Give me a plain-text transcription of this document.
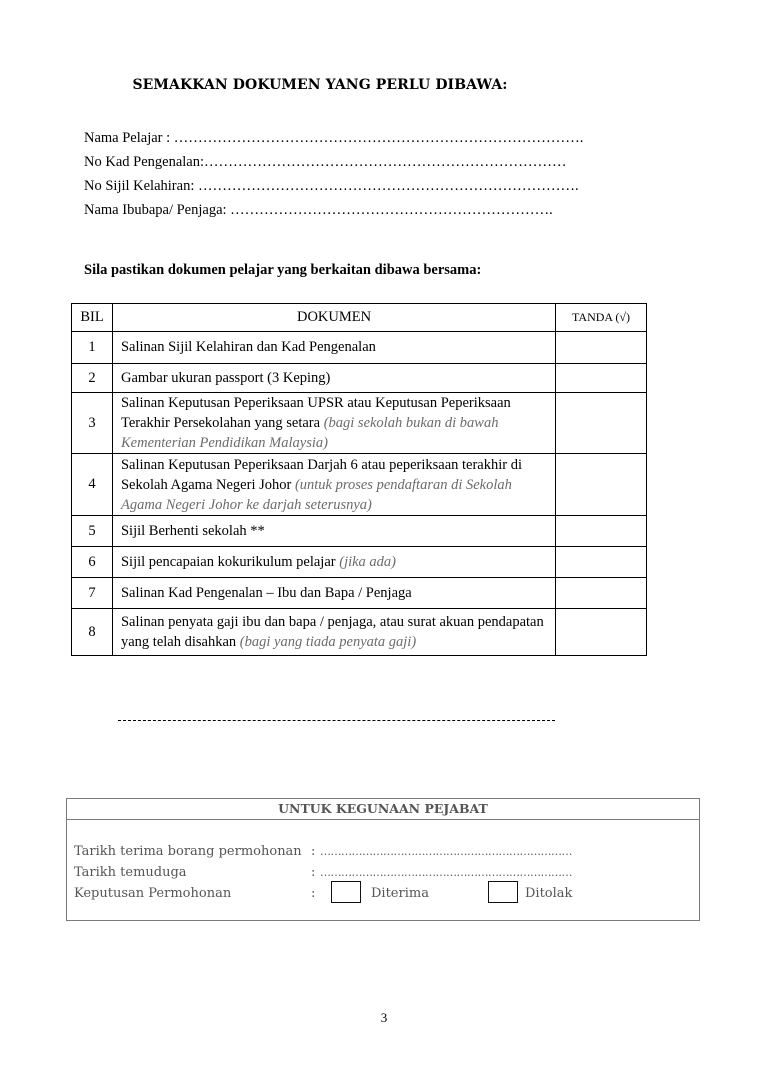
SEMAKKAN DOKUMEN YANG PERLU DIBAWA:
Nama Pelajar : ………………………………………………………………………….
No Kad Pengenalan:…………………………………………………………………
No Sijil Kelahiran: …………………………………………………………………….
Nama Ibubapa/ Penjaga: ………………………………………………………….
Sila pastikan dokumen pelajar yang berkaitan dibawa bersama:
BIL	DOKUMEN	TANDA (√)
1	Salinan Sijil Kelahiran dan Kad Pengenalan	
2	Gambar ukuran passport (3 Keping)	
3	Salinan Keputusan Peperiksaan UPSR atau Keputusan Peperiksaan Terakhir Persekolahan yang setara (bagi sekolah bukan di bawah Kementerian Pendidikan Malaysia)	
4	Salinan Keputusan Peperiksaan Darjah 6 atau peperiksaan terakhir di Sekolah Agama Negeri Johor (untuk proses pendaftaran di Sekolah Agama Negeri Johor ke darjah seterusnya)	
5	Sijil Berhenti sekolah **	
6	Sijil pencapaian kokurikulum pelajar (jika ada)	
7	Salinan Kad Pengenalan – Ibu dan Bapa / Penjaga	
8	Salinan penyata gaji ibu dan bapa / penjaga, atau surat akuan pendapatan yang telah disahkan (bagi yang tiada penyata gaji)	
UNTUK KEGUNAAN PEJABAT
Tarikh terima borang permohonan : ………………………………………………………………
Tarikh temuduga	: ………………………………………………………………
Keputusan Permohonan	:	Diterima	Ditolak
3
